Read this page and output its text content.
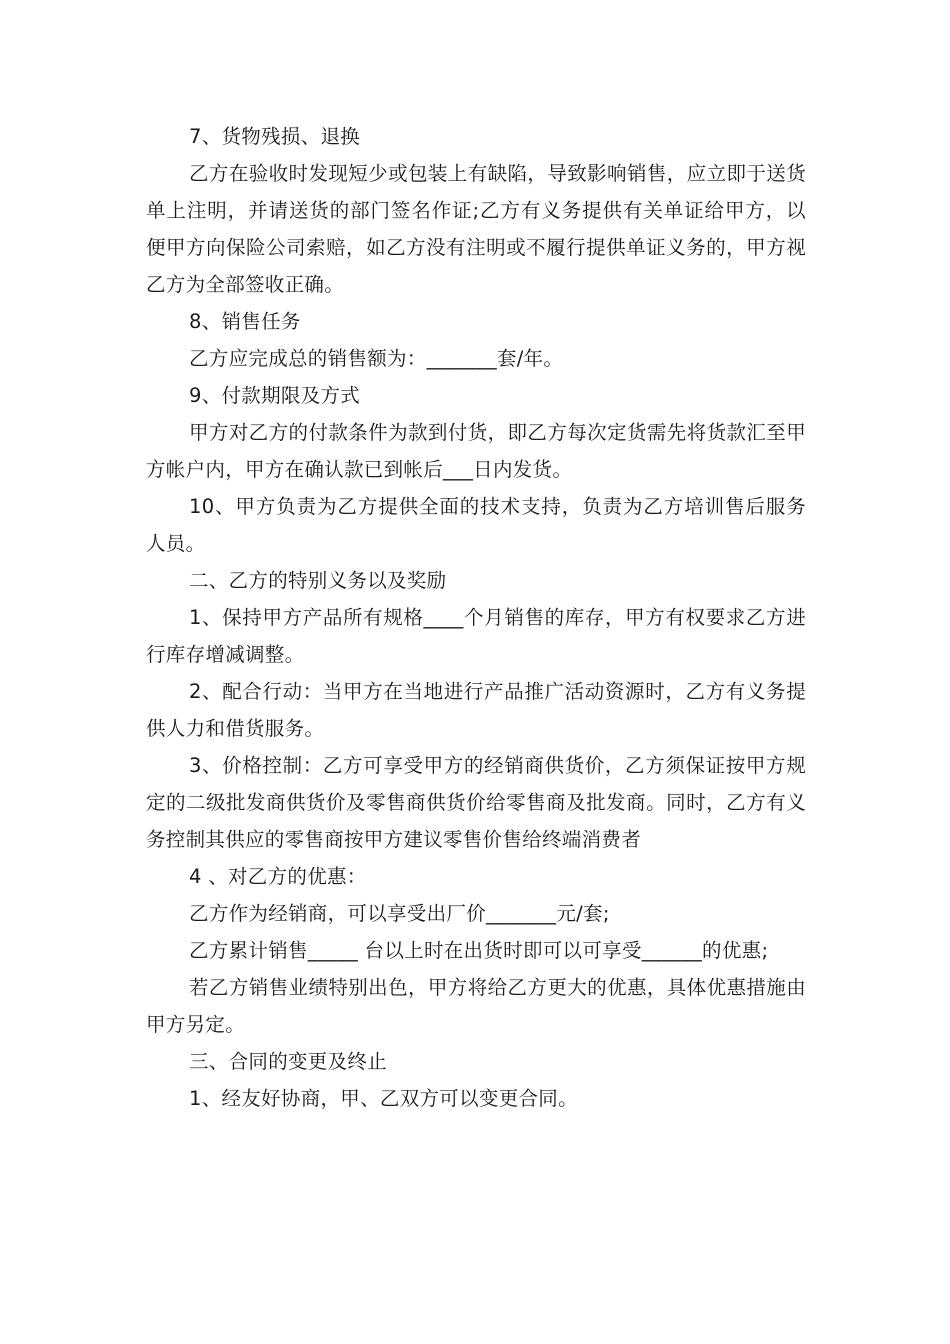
7、货物残损、退换

乙方在验收时发现短少或包装上有缺陷，导致影响销售，应立即于送货单上注明，并请送货的部门签名作证;乙方有义务提供有关单证给甲方，以便甲方向保险公司索赔，如乙方没有注明或不履行提供单证义务的，甲方视乙方为全部签收正确。

8、销售任务

乙方应完成总的销售额为：_______套/年。

9、付款期限及方式

甲方对乙方的付款条件为款到付货，即乙方每次定货需先将货款汇至甲方帐户内，甲方在确认款已到帐后___日内发货。

10、甲方负责为乙方提供全面的技术支持，负责为乙方培训售后服务人员。

二、乙方的特别义务以及奖励

1、保持甲方产品所有规格____个月销售的库存，甲方有权要求乙方进行库存增减调整。

2、配合行动：当甲方在当地进行产品推广活动资源时，乙方有义务提供人力和借货服务。

3、价格控制：乙方可享受甲方的经销商供货价，乙方须保证按甲方规定的二级批发商供货价及零售商供货价给零售商及批发商。同时，乙方有义务控制其供应的零售商按甲方建议零售价售给终端消费者

4 、对乙方的优惠：

乙方作为经销商，可以享受出厂价_______元/套;

乙方累计销售_____ 台以上时在出货时即可以可享受______的优惠;

若乙方销售业绩特别出色，甲方将给乙方更大的优惠，具体优惠措施由甲方另定。

三、合同的变更及终止

1、经友好协商，甲、乙双方可以变更合同。
